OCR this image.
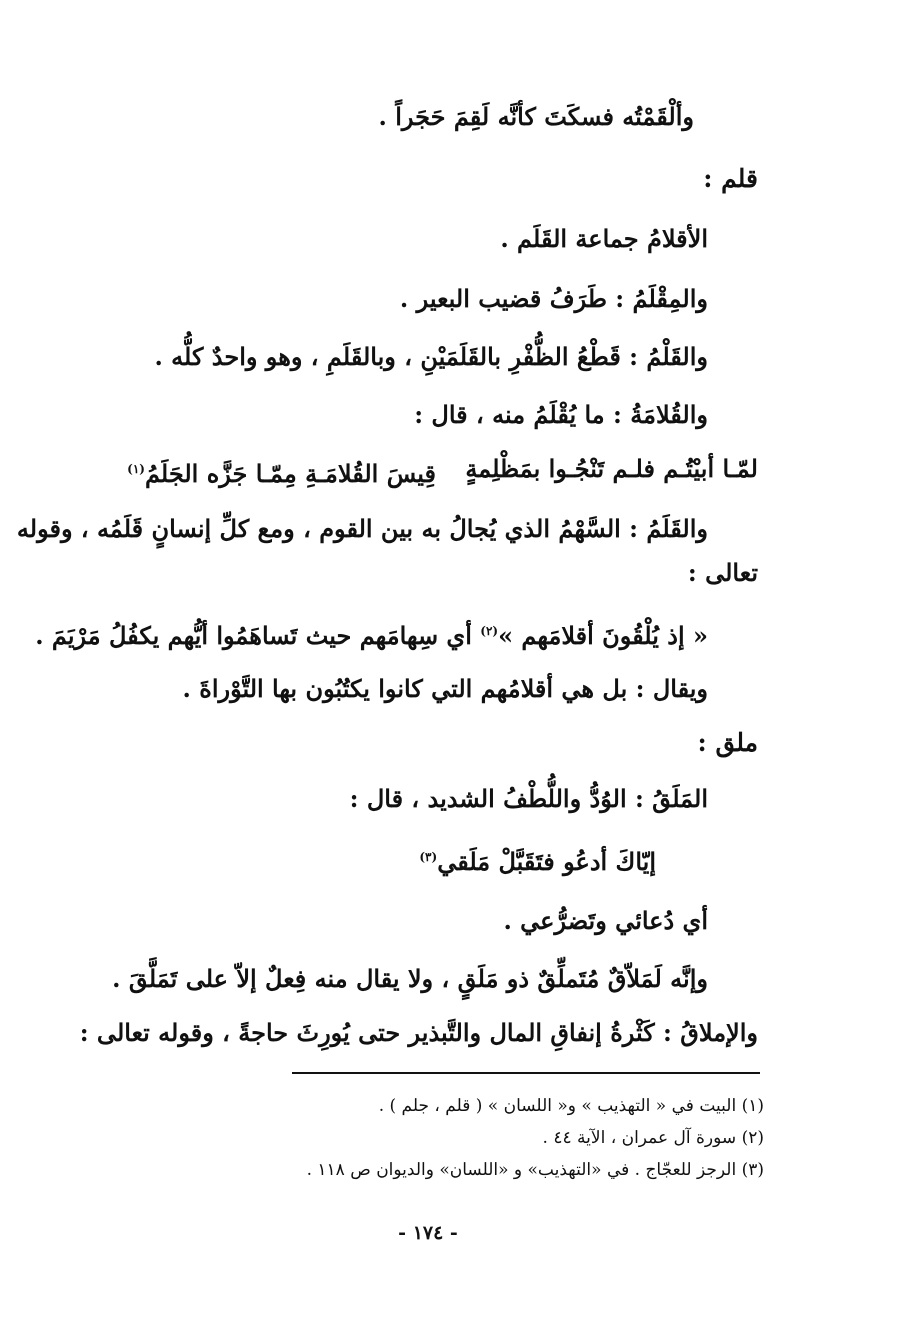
وألْقَمْتُه فسكَتَ كأنَّه لَقِمَ حَجَراً .
قلم :
الأقلامُ جماعة القَلَم .
والمِقْلَمُ : طَرَفُ قضيب البعير .
والقَلْمُ : قَطْعُ الظُّفْرِ بالقَلَمَيْنِ ، وبالقَلَمِ ، وهو واحدٌ كلُّه .
والقُلامَةُ : ما يُقْلَمُ منه ، قال :
لمّـا أبيْتُـم فلـم تَنْجُـوا بمَظْلِمةٍ
قِيسَ القُلامَـةِ مِمّـا جَزَّه الجَلَمُ$^{(١)}$
والقَلَمُ : السَّهْمُ الذي يُجالُ به بين القوم ، ومع كلِّ إنسانٍ قَلَمُه ، وقوله
تعالى :
« إذ يُلْقُونَ أقلامَهم »$^{(٢)}$ أي سِهامَهم حيث تَساهَمُوا أيُّهم يكفُلُ مَرْيَمَ .
ويقال : بل هي أقلامُهم التي كانوا يكتُبُون بها التَّوْراةَ .
ملق :
المَلَقُ : الوُدُّ واللُّطْفُ الشديد ، قال :
إيّاكَ أدعُو فتَقَبَّلْ مَلَقي$^{(٣)}$
أي دُعائي وتَضرُّعي .
وإنَّه لَمَلاّقٌ مُتَملِّقٌ ذو مَلَقٍ ، ولا يقال منه فِعلٌ إلاّ على تَمَلَّقَ .
والإملاقُ : كَثْرةُ إنفاقِ المال والتَّبذير حتى يُورِثَ حاجةً ، وقوله تعالى :
(١) البيت في « التهذيب » و« اللسان » ( قلم ، جلم ) .
(٢) سورة آل عمران ، الآية ٤٤ .
(٣) الرجز للعجّاج . في «التهذيب» و «اللسان» والديوان ص ١١٨ .
- ١٧٤ -
